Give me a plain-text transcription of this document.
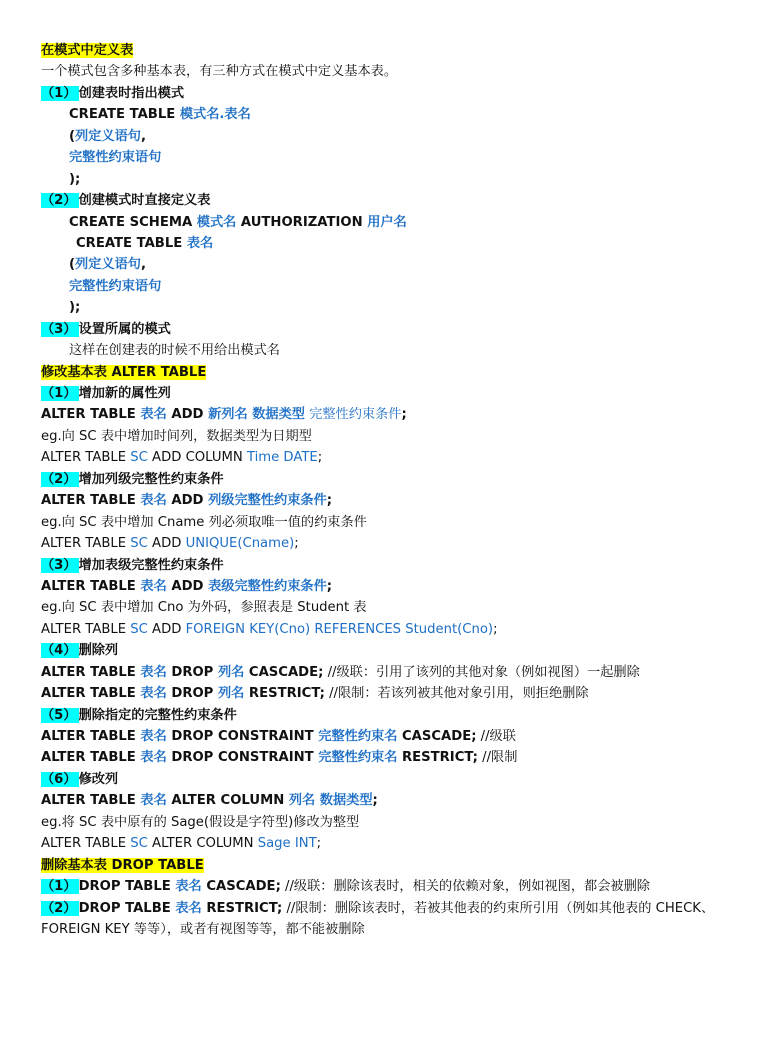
在模式中定义表
一个模式包含多种基本表，有三种方式在模式中定义基本表。
（1） 创建表时指出模式
CREATE TABLE 模式名.表名
(列定义语句,
完整性约束语句
);
（2） 创建模式时直接定义表
CREATE SCHEMA 模式名 AUTHORIZATION 用户名
CREATE TABLE 表名
(列定义语句,
完整性约束语句
);
（3） 设置所属的模式
这样在创建表的时候不用给出模式名
修改基本表 ALTER TABLE
（1） 增加新的属性列
ALTER TABLE 表名 ADD 新列名 数据类型 完整性约束条件;
eg.向 SC 表中增加时间列，数据类型为日期型
ALTER TABLE SC ADD COLUMN Time DATE;
（2） 增加列级完整性约束条件
ALTER TABLE 表名 ADD 列级完整性约束条件;
eg.向 SC 表中增加 Cname 列必须取唯一值的约束条件
ALTER TABLE SC ADD UNIQUE(Cname);
（3） 增加表级完整性约束条件
ALTER TABLE 表名 ADD 表级完整性约束条件;
eg.向 SC 表中增加 Cno 为外码，参照表是 Student 表
ALTER TABLE SC ADD FOREIGN KEY(Cno) REFERENCES Student(Cno);
（4） 删除列
ALTER TABLE 表名 DROP 列名 CASCADE; //级联：引用了该列的其他对象（例如视图）一起删除
ALTER TABLE 表名 DROP 列名 RESTRICT; //限制：若该列被其他对象引用，则拒绝删除
（5） 删除指定的完整性约束条件
ALTER TABLE 表名 DROP CONSTRAINT 完整性约束名 CASCADE; //级联
ALTER TABLE 表名 DROP CONSTRAINT 完整性约束名 RESTRICT; //限制
（6） 修改列
ALTER TABLE 表名 ALTER COLUMN 列名 数据类型;
eg.将 SC 表中原有的 Sage(假设是字符型)修改为整型
ALTER TABLE SC ALTER COLUMN Sage INT;
删除基本表 DROP TABLE
（1） DROP TABLE 表名 CASCADE; //级联：删除该表时，相关的依赖对象，例如视图，都会被删除
（2） DROP TALBE 表名 RESTRICT; //限制：删除该表时，若被其他表的约束所引用（例如其他表的 CHECK、FOREIGN KEY 等等），或者有视图等等，都不能被删除
